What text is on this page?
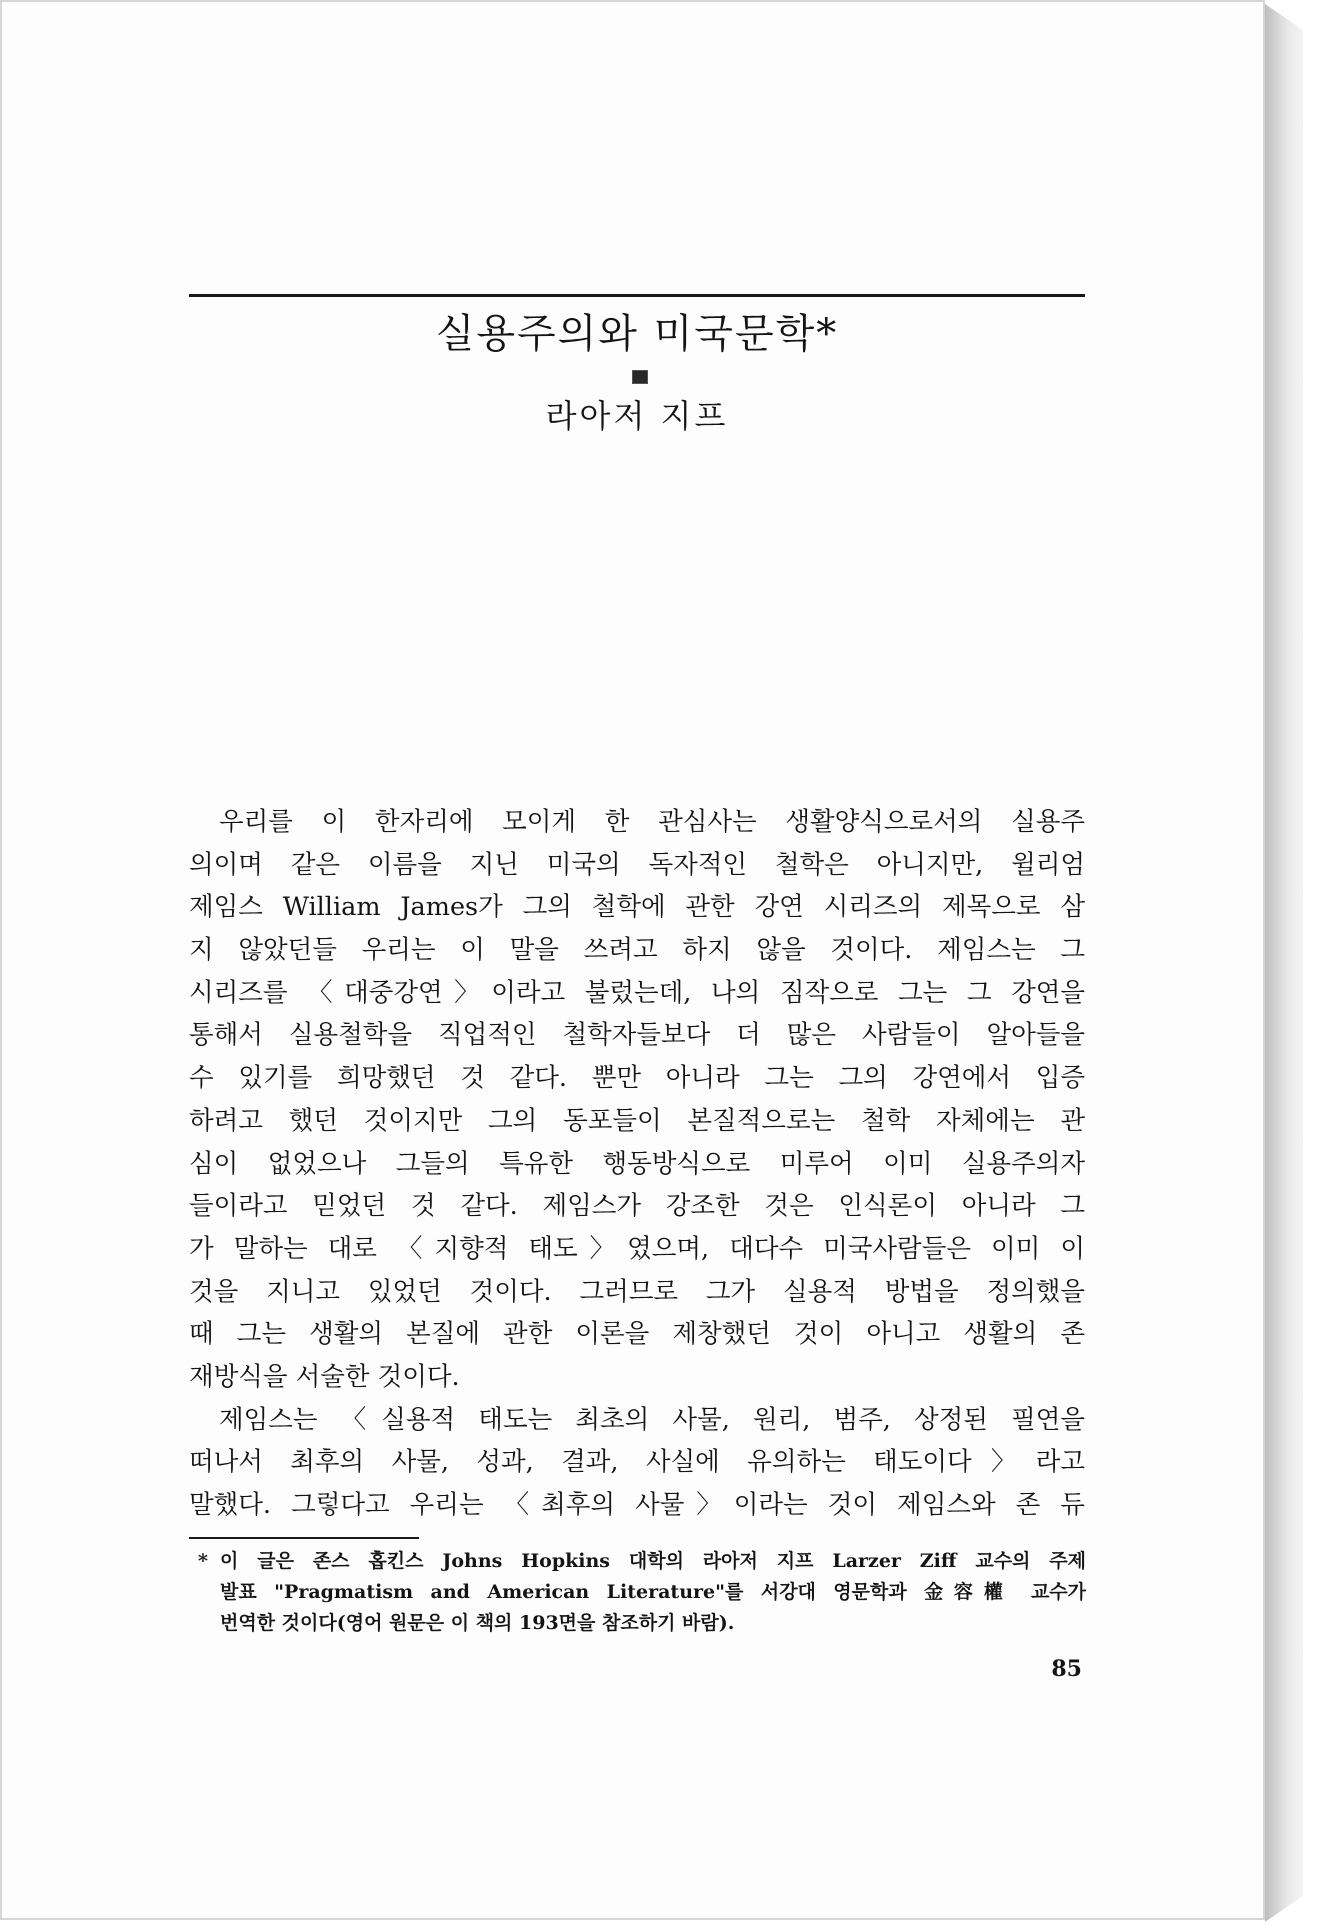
실용주의와 미국문학*
라아저 지프
우리를 이 한자리에 모이게 한 관심사는 생활양식으로서의 실용주
의이며 같은 이름을 지닌 미국의 독자적인 철학은 아니지만, 윌리엄
제임스 William James가 그의 철학에 관한 강연 시리즈의 제목으로 삼
지 않았던들 우리는 이 말을 쓰려고 하지 않을 것이다. 제임스는 그
시리즈를 〈대중강연〉이라고 불렀는데, 나의 짐작으로 그는 그 강연을
통해서 실용철학을 직업적인 철학자들보다 더 많은 사람들이 알아들을
수 있기를 희망했던 것 같다. 뿐만 아니라 그는 그의 강연에서 입증
하려고 했던 것이지만 그의 동포들이 본질적으로는 철학 자체에는 관
심이 없었으나 그들의 특유한 행동방식으로 미루어 이미 실용주의자
들이라고 믿었던 것 같다. 제임스가 강조한 것은 인식론이 아니라 그
가 말하는 대로 〈지향적 태도〉였으며, 대다수 미국사람들은 이미 이
것을 지니고 있었던 것이다. 그러므로 그가 실용적 방법을 정의했을
때 그는 생활의 본질에 관한 이론을 제창했던 것이 아니고 생활의 존
재방식을 서술한 것이다.
제임스는 〈실용적 태도는 최초의 사물, 원리, 범주, 상정된 필연을
떠나서 최후의 사물, 성과, 결과, 사실에 유의하는 태도이다〉라고
말했다. 그렇다고 우리는 〈최후의 사물〉이라는 것이 제임스와 존 듀
* 이 글은 존스 홉킨스 Johns Hopkins 대학의 라아저 지프 Larzer Ziff 교수의 주제
발표 "Pragmatism and American Literature"를 서강대 영문학과 金容權 교수가
번역한 것이다(영어 원문은 이 책의 193면을 참조하기 바람).
85
